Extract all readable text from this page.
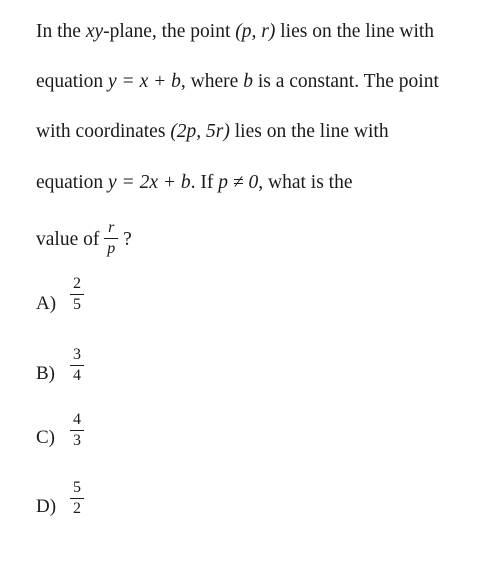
In the xy-plane, the point (p, r) lies on the line with
equation y = x + b, where b is a constant. The point
with coordinates (2p, 5r) lies on the line with
equation y = 2x + b. If p ≠ 0, what is the
value of $\frac{r}{p}$ ?
A)
2
5
B)
3
4
C)
4
3
D)
5
2
